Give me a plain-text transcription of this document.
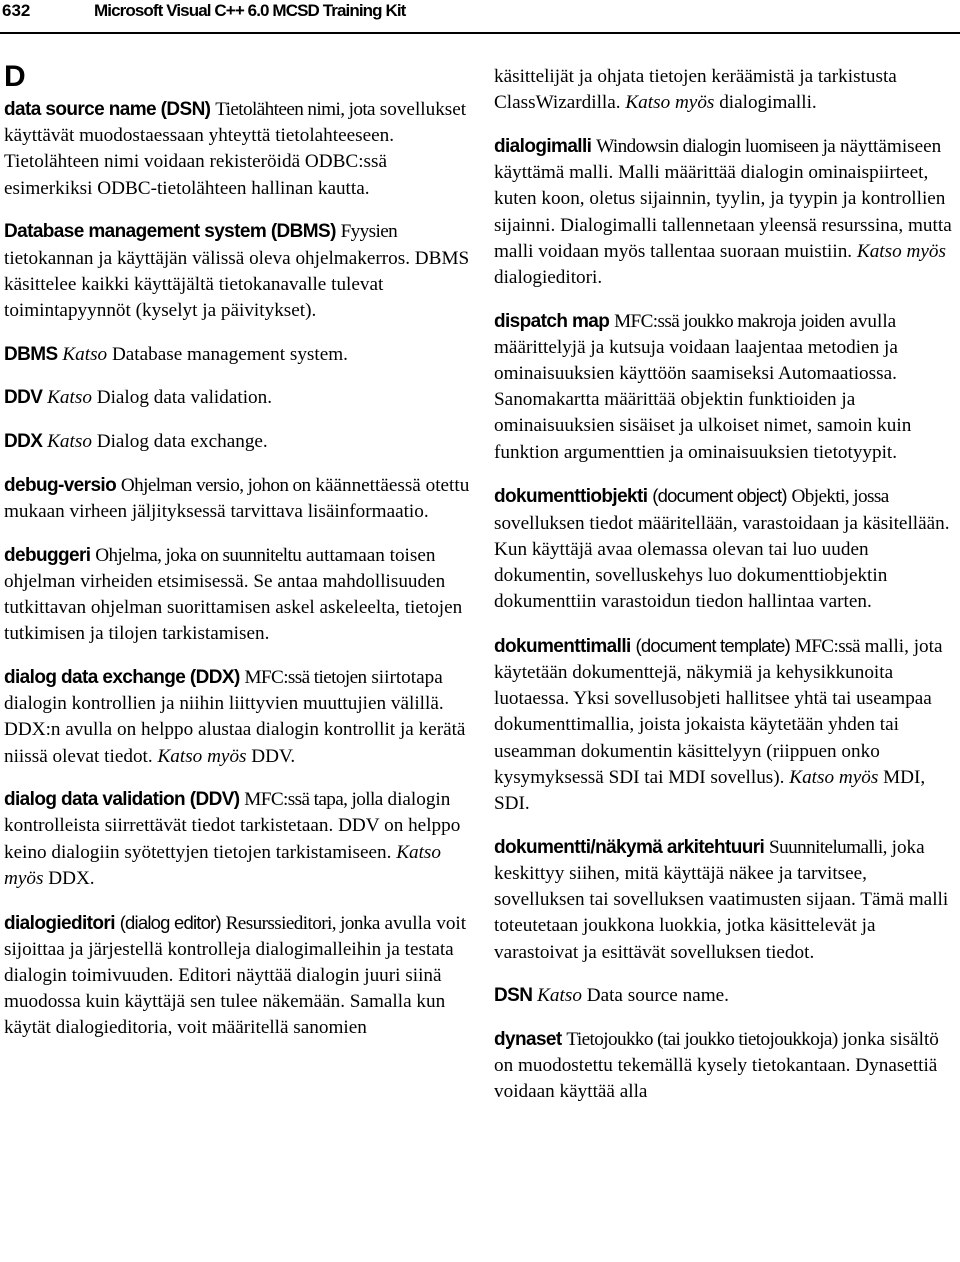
632	Microsoft Visual C++ 6.0 MCSD Training Kit
D

data source name (DSN) Tietolähteen nimi, jota sovellukset käyttävät muodostaessaan yhteyttä tietolahteeseen. Tietolähteen nimi voidaan rekisteröidä ODBC:ssä esimerkiksi ODBC-tietolähteen hallinan kautta.

Database management system (DBMS) Fyysien tietokannan ja käyttäjän välissä oleva ohjelmakerros. DBMS käsittelee kaikki käyttäjältä tietokanavalle tulevat toimintapyynnöt (kyselyt ja päivitykset).

DBMS Katso Database management system.

DDV Katso Dialog data validation.

DDX Katso Dialog data exchange.

debug-versio Ohjelman versio, johon on käännettäessä otettu mukaan virheen jäljityksessä tarvittava lisäinformaatio.

debuggeri Ohjelma, joka on suunniteltu auttamaan toisen ohjelman virheiden etsimisessä. Se antaa mahdollisuuden tutkittavan ohjelman suorittamisen askel askeleelta, tietojen tutkimisen ja tilojen tarkistamisen.

dialog data exchange (DDX) MFC:ssä tietojen siirtotapa dialogin kontrollien ja niihin liittyvien muuttujien välillä. DDX:n avulla on helppo alustaa dialogin kontrollit ja kerätä niissä olevat tiedot. Katso myös DDV.

dialog data validation (DDV) MFC:ssä tapa, jolla dialogin kontrolleista siirrettävät tiedot tarkistetaan. DDV on helppo keino dialogiin syötettyjen tietojen tarkistamiseen. Katso myös DDX.

dialogieditori (dialog editor) Resurssieditori, jonka avulla voit sijoittaa ja järjestellä kontrolleja dialogimalleihin ja testata dialogin toimivuuden. Editori näyttää dialogin juuri siinä muodossa kuin käyttäjä sen tulee näkemään. Samalla kun käytät dialogieditoria, voit määritellä sanomien

käsittelijät ja ohjata tietojen keräämistä ja tarkistusta ClassWizardilla. Katso myös dialogimalli.

dialogimalli Windowsin dialogin luomiseen ja näyttämiseen käyttämä malli. Malli määrittää dialogin ominaispiirteet, kuten koon, oletus sijainnin, tyylin, ja tyypin ja kontrollien sijainni. Dialogimalli tallennetaan yleensä resurssina, mutta malli voidaan myös tallentaa suoraan muistiin. Katso myös dialogieditori.

dispatch map MFC:ssä joukko makroja joiden avulla määrittelyjä ja kutsuja voidaan laajentaa metodien ja ominaisuuksien käyttöön saamiseksi Automaatiossa. Sanomakartta määrittää objektin funktioiden ja ominaisuuksien sisäiset ja ulkoiset nimet, samoin kuin funktion argumenttien ja ominaisuuksien tietotyypit.

dokumenttiobjekti (document object) Objekti, jossa sovelluksen tiedot määritellään, varastoidaan ja käsitellään. Kun käyttäjä avaa olemassa olevan tai luo uuden dokumentin, sovelluskehys luo dokumenttiobjektin dokumenttiin varastoidun tiedon hallintaa varten.

dokumenttimalli (document template) MFC:ssä malli, jota käytetään dokumenttejä, näkymiä ja kehysikkunoita luotaessa. Yksi sovellusobjeti hallitsee yhtä tai useampaa dokumenttimallia, joista jokaista käytetään yhden tai useamman dokumentin käsittelyyn (riippuen onko kysymyksessä SDI tai MDI sovellus). Katso myös MDI, SDI.

dokumentti/näkymä arkitehtuuri Suunnitelumalli, joka keskittyy siihen, mitä käyttäjä näkee ja tarvitsee, sovelluksen tai sovelluksen vaatimusten sijaan. Tämä malli toteutetaan joukkona luokkia, jotka käsittelevät ja varastoivat ja esittävät sovelluksen tiedot.

DSN Katso Data source name.

dynaset Tietojoukko (tai joukko tietojoukkoja) jonka sisältö on muodostettu tekemällä kysely tietokantaan. Dynasettiä voidaan käyttää alla
